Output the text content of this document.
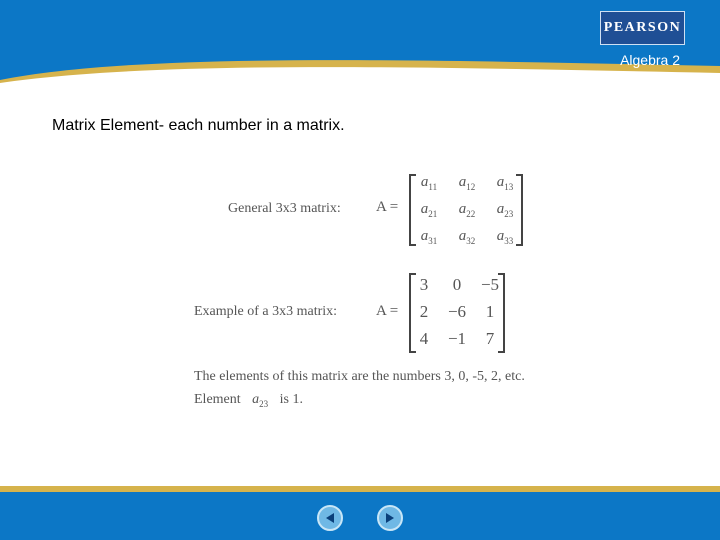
PEARSON
Algebra 2
Matrix Element- each number in a matrix.
General 3x3 matrix: A =
$a_{11}$	$a_{12}$	$a_{13}$
$a_{21}$	$a_{22}$	$a_{23}$
$a_{31}$	$a_{32}$	$a_{33}$
Example of a 3x3 matrix:	A =
3	0	−5
2	−6	1
4	−1	7
The elements of this matrix are the numbers 3, 0, -5, 2, etc.
Element $a_{23}$ is 1.
